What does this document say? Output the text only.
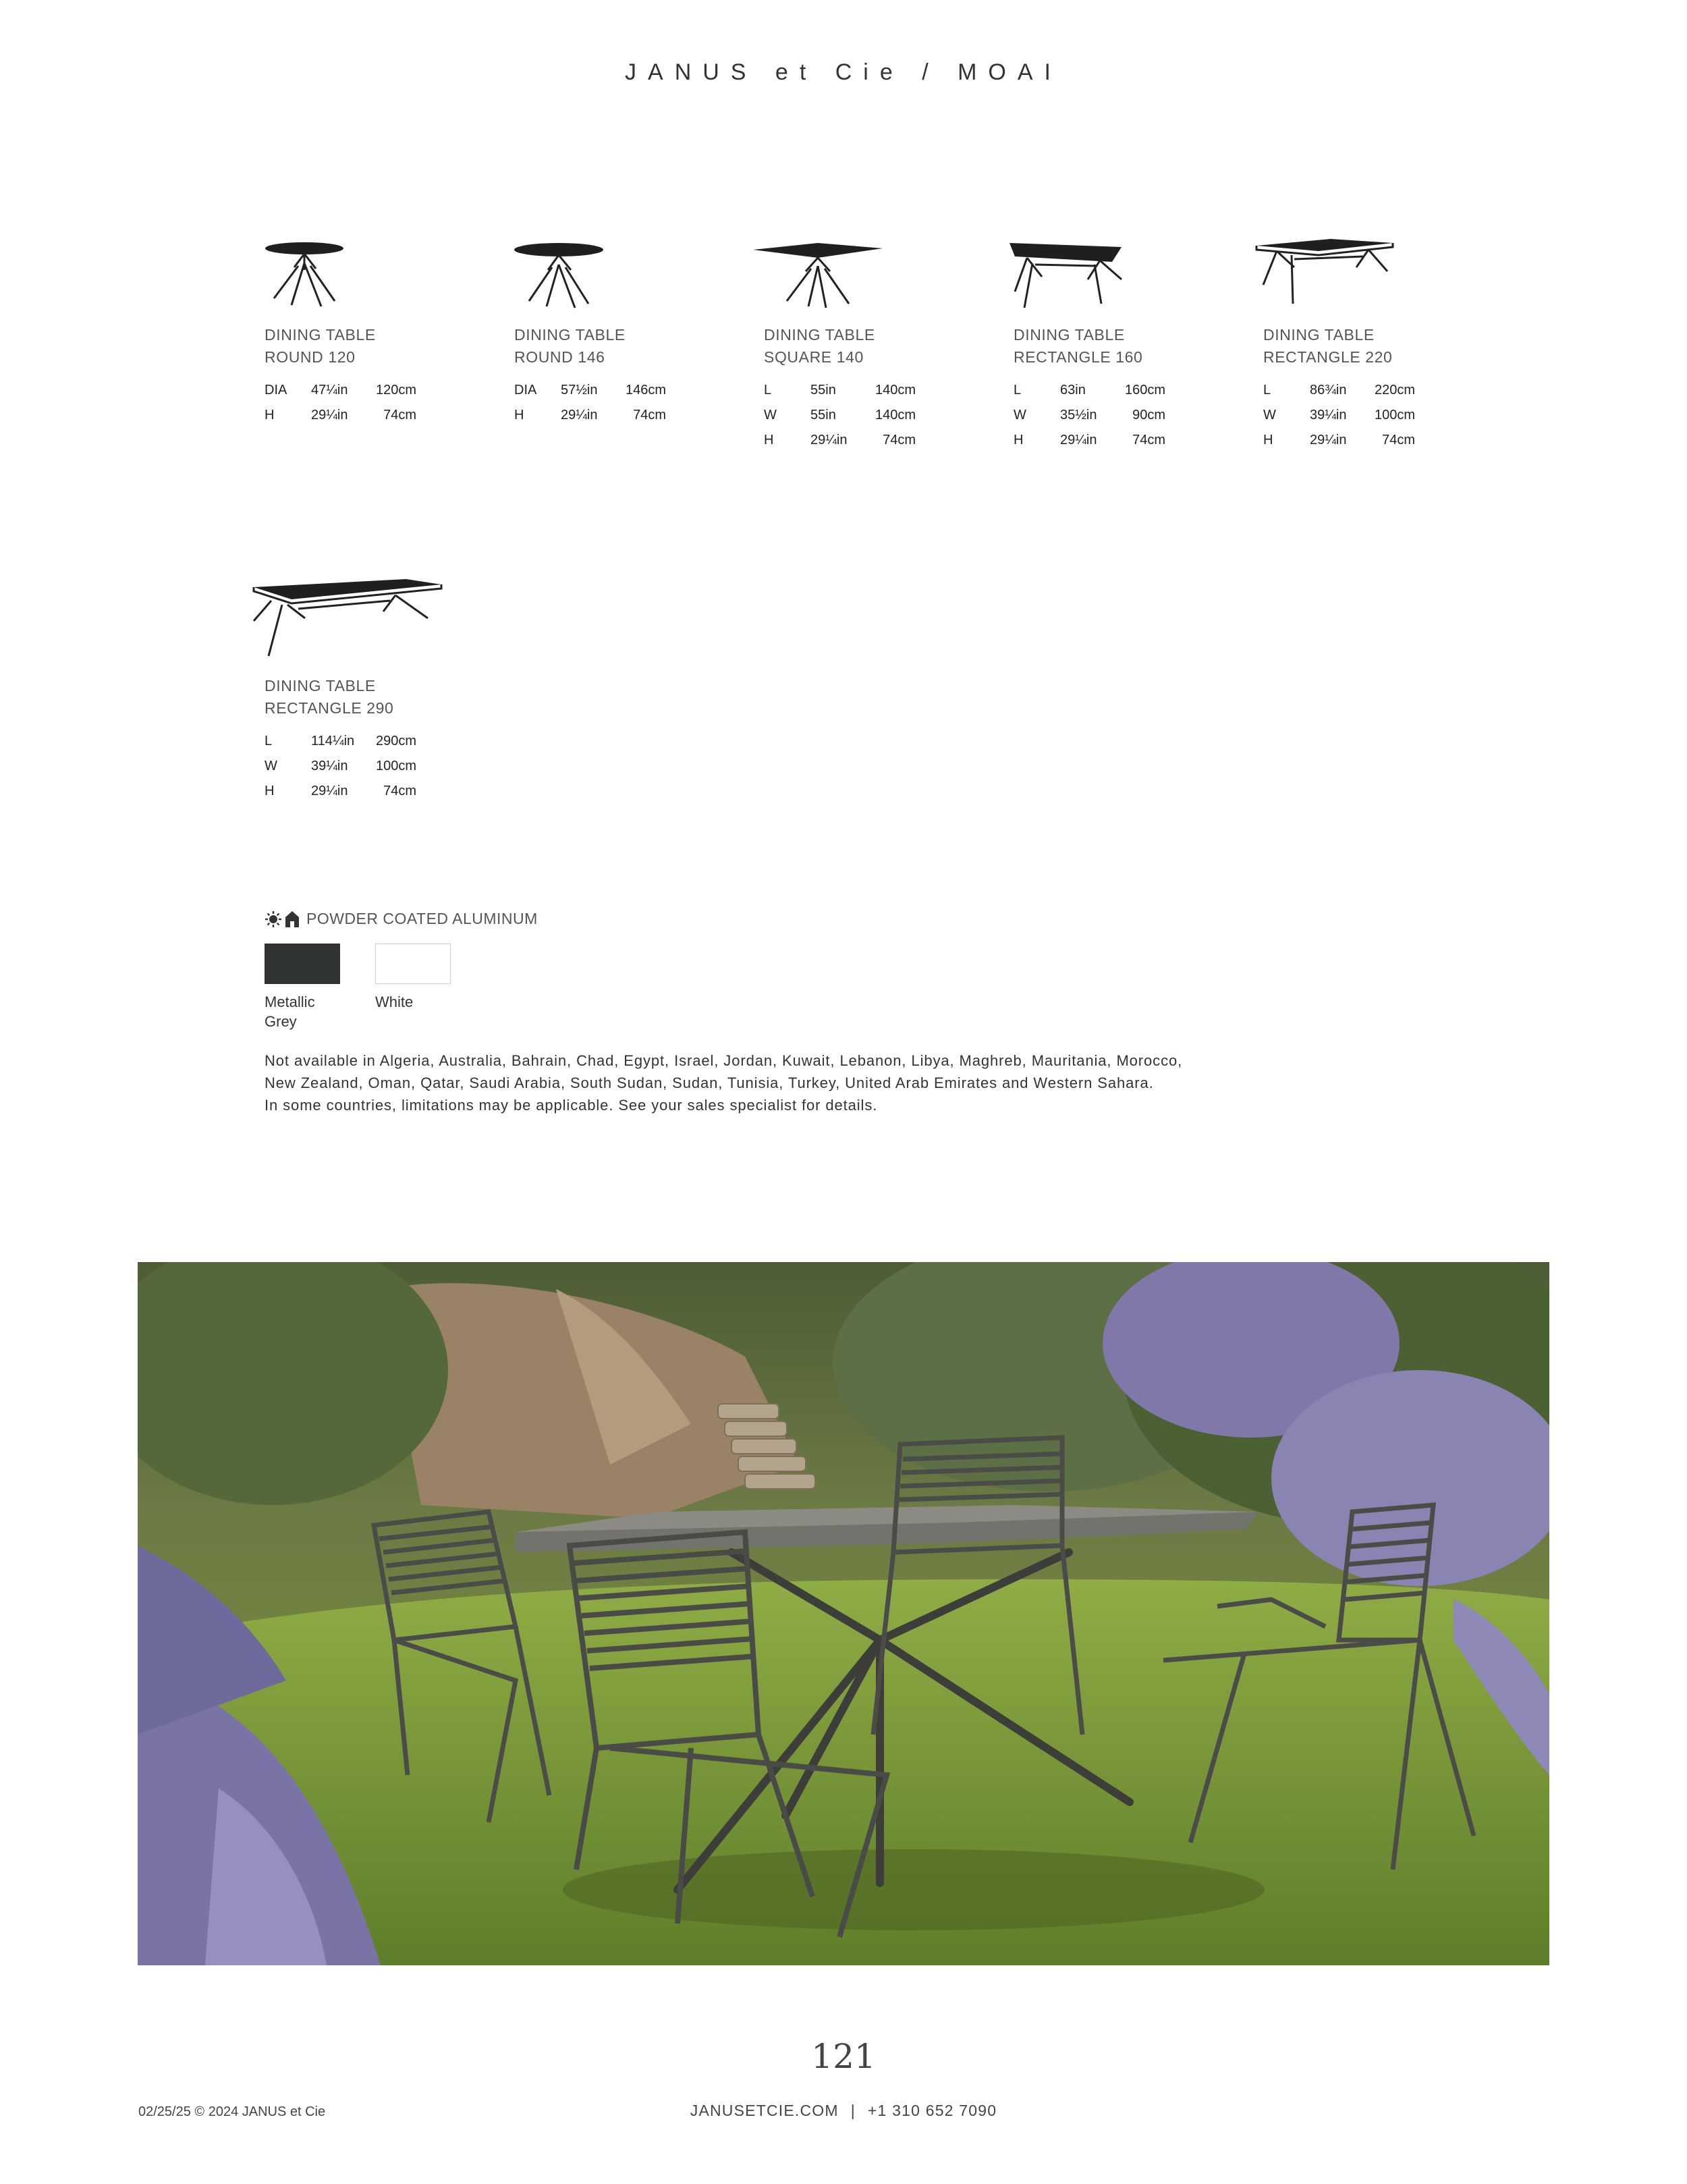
JANUS et Cie / MOAI
DINING TABLE
ROUND 120
DIA	47¼in	120cm
H	29¼in	74cm
DINING TABLE
ROUND 146
DIA	57½in	146cm
H	29¼in	74cm
DINING TABLE
SQUARE 140
L	55in	140cm
W	55in	140cm
H	29¼in	74cm
DINING TABLE
RECTANGLE 160
L	63in	160cm
W	35½in	90cm
H	29¼in	74cm
DINING TABLE
RECTANGLE 220
L	86¾in	220cm
W	39¼in	100cm
H	29¼in	74cm
DINING TABLE
RECTANGLE 290
L	114¼in	290cm
W	39¼in	100cm
H	29¼in	74cm
POWDER COATED ALUMINUM
Metallic
Grey
White
Not available in Algeria, Australia, Bahrain, Chad, Egypt, Israel, Jordan, Kuwait, Lebanon, Libya, Maghreb, Mauritania, Morocco,
New Zealand, Oman, Qatar, Saudi Arabia, South Sudan, Sudan, Tunisia, Turkey, United Arab Emirates and Western Sahara.
In some countries, limitations may be applicable. See your sales specialist for details.
121
02/25/25 © 2024 JANUS et Cie	JANUSETCIE.COM | +1 310 652 7090
